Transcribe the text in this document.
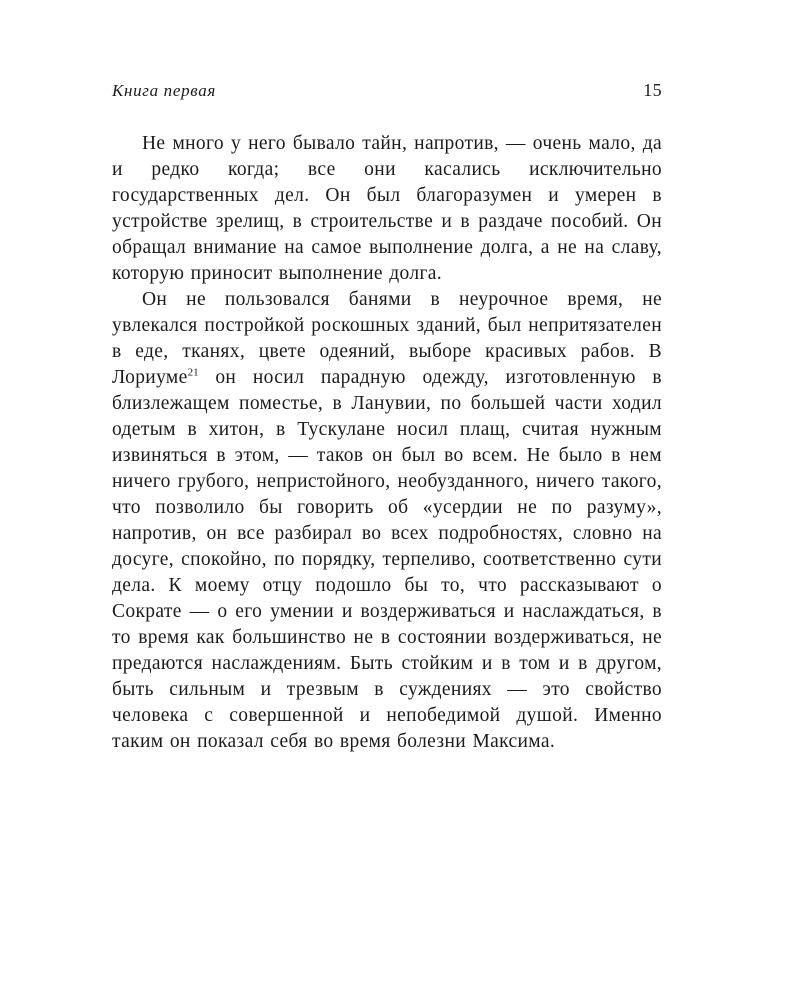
Книга первая	15

Не много у него бывало тайн, напротив, — очень мало, да и редко когда; все они касались исключительно государственных дел. Он был благоразумен и умерен в устройстве зрелищ, в строительстве и в раздаче пособий. Он обращал внимание на самое выполнение долга, а не на славу, которую приносит выполнение долга.

Он не пользовался банями в неурочное время, не увлекался постройкой роскошных зданий, был непритязателен в еде, тканях, цвете одеяний, выборе красивых рабов. В Лориуме$^{21}$ он носил парадную одежду, изготовленную в близлежащем поместье, в Ланувии, по большей части ходил одетым в хитон, в Тускулане носил плащ, считая нужным извиняться в этом, — таков он был во всем. Не было в нем ничего грубого, непристойного, необузданного, ничего такого, что позволило бы говорить об «усердии не по разуму», напротив, он все разбирал во всех подробностях, словно на досуге, спокойно, по порядку, терпеливо, соответственно сути дела. К моему отцу подошло бы то, что рассказывают о Сократе — о его умении и воздерживаться и наслаждаться, в то время как большинство не в состоянии воздерживаться, не предаются наслаждениям. Быть стойким и в том и в другом, быть сильным и трезвым в суждениях — это свойство человека с совершенной и непобедимой душой. Именно таким он показал себя во время болезни Максима.
